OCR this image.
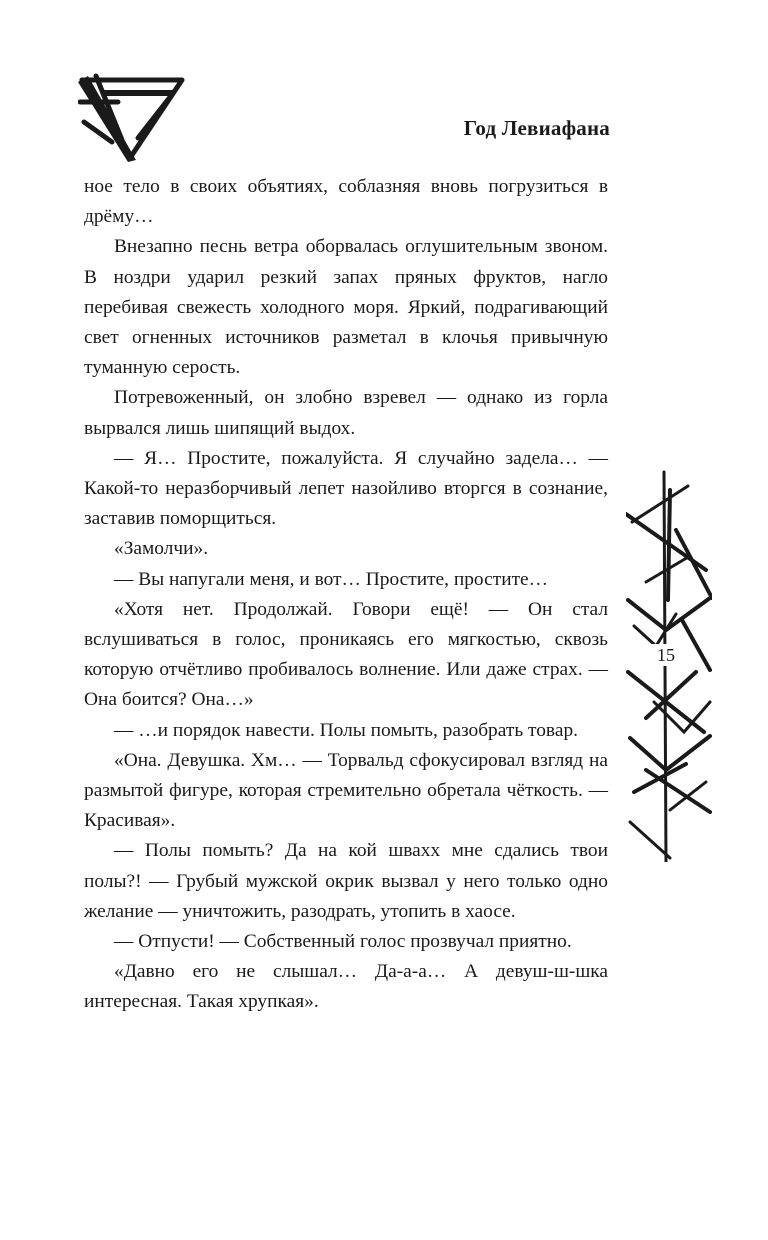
Год Левиафана

ное тело в своих объятиях, соблазняя вновь погрузиться в дрёму…

Внезапно песнь ветра оборвалась оглушительным звоном. В ноздри ударил резкий запах пряных фруктов, нагло перебивая свежесть холодного моря. Яркий, подрагивающий свет огненных источников разметал в клочья привычную туманную серость.

Потревоженный, он злобно взревел — однако из горла вырвался лишь шипящий выдох.

— Я… Простите, пожалуйста. Я случайно задела… — Какой-то неразборчивый лепет назойливо вторгся в сознание, заставив поморщиться.

«Замолчи».

— Вы напугали меня, и вот… Простите, простите…

«Хотя нет. Продолжай. Говори ещё! — Он стал вслушиваться в голос, проникаясь его мягкостью, сквозь которую отчётливо пробивалось волнение. Или даже страх. — Она боится? Она…»

— …и порядок навести. Полы помыть, разобрать товар.

«Она. Девушка. Хм… — Торвальд сфокусировал взгляд на размытой фигуре, которая стремительно обретала чёткость. — Красивая».

— Полы помыть? Да на кой швахх мне сдались твои полы?! — Грубый мужской окрик вызвал у него только одно желание — уничтожить, разодрать, утопить в хаосе.

— Отпусти! — Собственный голос прозвучал приятно.

«Давно его не слышал… Да-а-а… А девуш-ш-шка интересная. Такая хрупкая».

15
